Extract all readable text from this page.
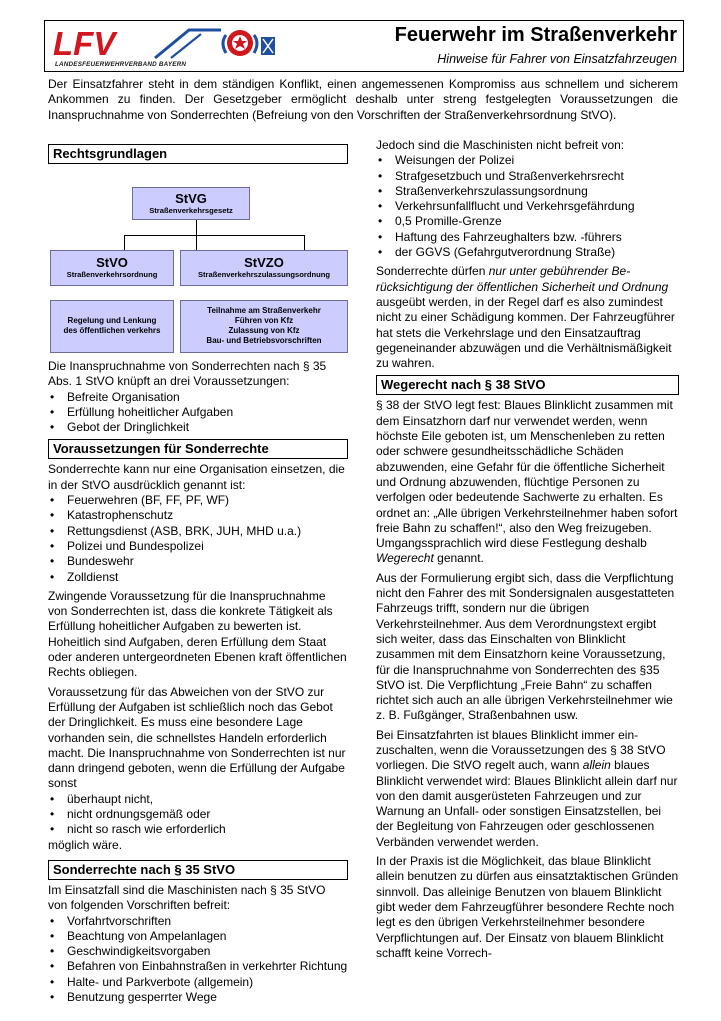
LFV
LANDESFEUERWEHRVERBAND BAYERN
Feuerwehr im Straßenverkehr
Hinweise für Fahrer von Einsatzfahrzeugen

Der Einsatzfahrer steht in dem ständigen Konflikt, einen angemessenen Kompromiss aus schnellem und sicherem Ankommen zu finden. Der Gesetzgeber ermöglicht deshalb unter streng festgelegten Voraussetzungen die Inanspruchnahme von Sonderrechten (Befreiung von den Vorschriften der Straßenverkehrsordnung StVO).

Rechtsgrundlagen
StVG
Straßenverkehrsgesetz
StVO
Straßenverkehrsordnung
StVZO
Straßenverkehrszulassungsordnung
Regelung und Lenkung
des öffentlichen verkehrs
Teilnahme am Straßenverkehr
Führen von Kfz
Zulassung von Kfz
Bau- und Betriebsvorschriften

Die Inanspruchnahme von Sonderrechten nach § 35 Abs. 1 StVO knüpft an drei Voraussetzungen:

• Befreite Organisation
• Erfüllung hoheitlicher Aufgaben
• Gebot der Dringlichkeit
Voraussetzungen für Sonderrechte

Sonderrechte kann nur eine Organisation einsetzen, die in der StVO ausdrücklich genannt ist:

• Feuerwehren (BF, FF, PF, WF)
• Katastrophenschutz
• Rettungsdienst (ASB, BRK, JUH, MHD u.a.)
• Polizei und Bundespolizei
• Bundeswehr
• Zolldienst

Zwingende Voraussetzung für die Inanspruchnahme von Sonderrechten ist, dass die konkrete Tätigkeit als Erfüllung hoheitlicher Aufgaben zu bewerten ist. Hoheitlich sind Aufgaben, deren Erfüllung dem Staat oder anderen untergeordneten Ebenen kraft öffentlichen Rechts obliegen.

Voraussetzung für das Abweichen von der StVO zur Erfüllung der Aufgaben ist schließlich noch das Gebot der Dringlichkeit. Es muss eine besondere Lage vorhanden sein, die schnellstes Handeln erforderlich macht. Die Inanspruchnahme von Sonderrechten ist nur dann dringend geboten, wenn die Erfüllung der Aufgabe sonst

• überhaupt nicht,
• nicht ordnungsgemäß oder
• nicht so rasch wie erforderlich

möglich wäre.

Sonderrechte nach § 35 StVO

Im Einsatzfall sind die Maschinisten nach § 35 StVO von folgenden Vorschriften befreit:

• Vorfahrtvorschriften
• Beachtung von Ampelanlagen
• Geschwindigkeitsvorgaben
• Befahren von Einbahnstraßen in verkehrter Richtung
• Halte- und Parkverbote (allgemein)
• Benutzung gesperrter Wege

Jedoch sind die Maschinisten nicht befreit von:

• Weisungen der Polizei
• Strafgesetzbuch und Straßenverkehrsrecht
• Straßenverkehrszulassungsordnung
• Verkehrsunfallflucht und Verkehrsgefährdung
• 0,5 Promille-Grenze
• Haftung des Fahrzeughalters bzw. -führers
• der GGVS (Gefahrgutverordnung Straße)

Sonderrechte dürfen nur unter gebührender Berücksichtigung der öffentlichen Sicherheit und Ordnung ausgeübt werden, in der Regel darf es also zumindest nicht zu einer Schädigung kommen. Der Fahrzeugführer hat stets die Verkehrslage und den Einsatzauftrag gegeneinander abzuwägen und die Verhältnismäßigkeit zu wahren.

Wegerecht nach § 38 StVO

§ 38 der StVO legt fest: Blaues Blinklicht zusammen mit dem Einsatzhorn darf nur verwendet werden, wenn höchste Eile geboten ist, um Menschenleben zu retten oder schwere gesundheitsschädliche Schäden abzuwenden, eine Gefahr für die öffentliche Sicherheit und Ordnung abzuwenden, flüchtige Personen zu verfolgen oder bedeutende Sachwerte zu erhalten. Es ordnet an: „Alle übrigen Verkehrsteilnehmer haben sofort freie Bahn zu schaffen!“, also den Weg freizugeben. Umgangssprachlich wird diese Festlegung deshalb Wegerecht genannt.

Aus der Formulierung ergibt sich, dass die Verpflichtung nicht den Fahrer des mit Sondersignalen ausgestatteten Fahrzeugs trifft, sondern nur die übrigen Verkehrsteilnehmer. Aus dem Verordnungstext ergibt sich weiter, dass das Einschalten von Blinklicht zusammen mit dem Einsatzhorn keine Voraussetzung, für die Inanspruchnahme von Sonderrechten des §35 StVO ist. Die Verpflichtung „Freie Bahn“ zu schaffen richtet sich auch an alle übrigen Verkehrsteilnehmer wie z. B. Fußgänger, Straßenbahnen usw.

Bei Einsatzfahrten ist blaues Blinklicht immer einzuschalten, wenn die Voraussetzungen des § 38 StVO vorliegen. Die StVO regelt auch, wann allein blaues Blinklicht verwendet wird: Blaues Blinklicht allein darf nur von den damit ausgerüsteten Fahrzeugen und zur Warnung an Unfall- oder sonstigen Einsatzstellen, bei der Begleitung von Fahrzeugen oder geschlossenen Verbänden verwendet werden.

In der Praxis ist die Möglichkeit, das blaue Blinklicht allein benutzen zu dürfen aus einsatztaktischen Gründen sinnvoll. Das alleinige Benutzen von blauem Blinklicht gibt weder dem Fahrzeugführer besondere Rechte noch legt es den übrigen Verkehrsteilnehmer besondere Verpflichtungen auf. Der Einsatz von blauem Blinklicht schafft keine Vorrech-
